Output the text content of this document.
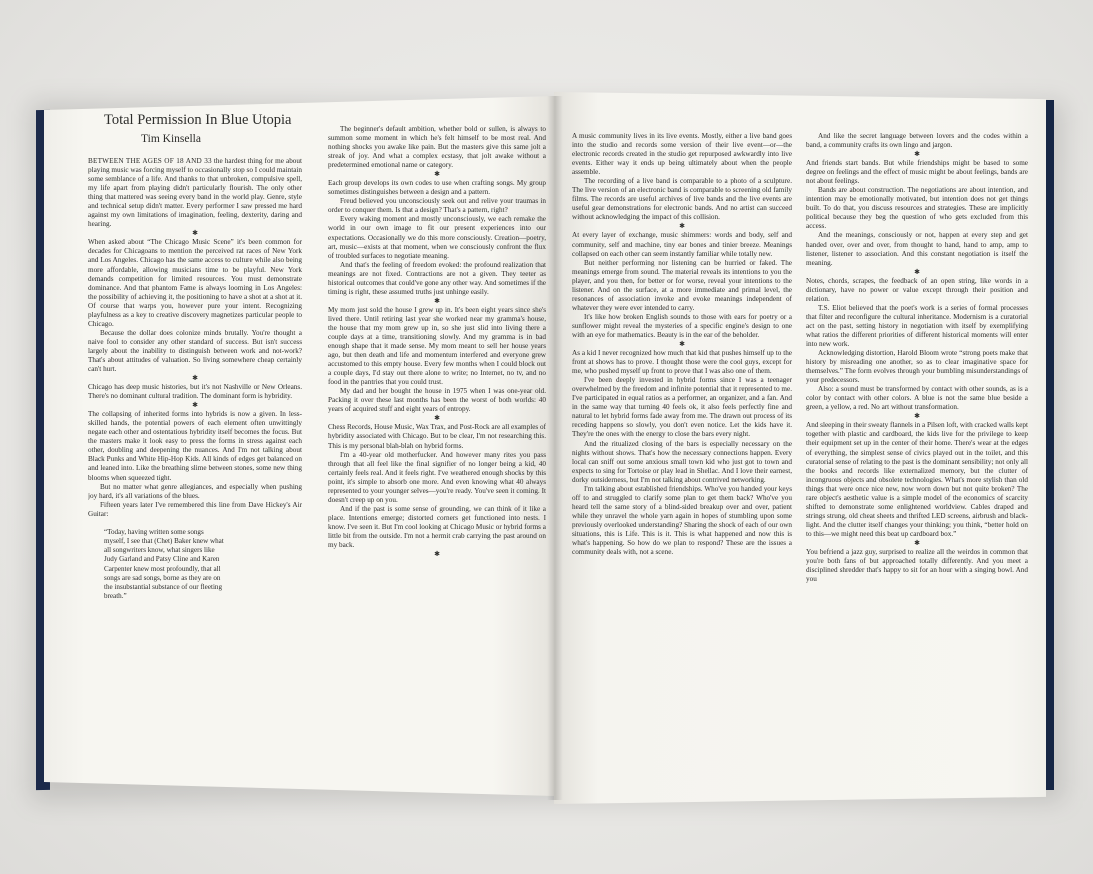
Total Permission In Blue Utopia
Tim Kinsella

BETWEEN THE AGES OF 18 AND 33 the hardest thing for me about playing music was forcing myself to occasionally stop so I could maintain some semblance of a life. And thanks to that unbroken, compulsive spell, my life apart from playing didn't particularly flourish. The only other thing that mattered was seeing every band in the world play. Genre, style and technical setup didn't matter. Every performer I saw pressed me hard against my own limitations of imagination, feeling, dexterity, daring and hearing.

✱

When asked about “The Chicago Music Scene” it's been common for decades for Chicagoans to mention the perceived rat races of New York and Los Angeles. Chicago has the same access to culture while also being more affordable, allowing musicians time to be playful. New York demands competition for limited resources. You must demonstrate dominance. And that phantom Fame is always looming in Los Angeles: the possibility of achieving it, the positioning to have a shot at a shot at it. Of course that warps you, however pure your intent. Recognizing playfulness as a key to creative discovery magnetizes particular people to Chicago.

Because the dollar does colonize minds brutally. You're thought a naive fool to consider any other standard of success. But isn't success largely about the inability to distinguish between work and not-work? That's about attitudes of valuation. So living somewhere cheap certainly can't hurt.

✱

Chicago has deep music histories, but it's not Nashville or New Orleans. There's no dominant cultural tradition. The dominant form is hybridity.

✱

The collapsing of inherited forms into hybrids is now a given. In less-skilled hands, the potential powers of each element often unwittingly negate each other and ostentatious hybridity itself becomes the focus. But the masters make it look easy to press the forms in stress against each other, doubling and deepening the nuances. And I'm not talking about Black Punks and White Hip-Hop Kids. All kinds of edges get balanced on and leaned into. Like the breathing slime between stones, some new thing blooms when squeezed tight.

But no matter what genre allegiances, and especially when pushing joy hard, it's all variations of the blues.

Fifteen years later I've remembered this line from Dave Hickey's Air Guitar:

“Today, having written some songs
myself, I see that (Chet) Baker knew what
all songwriters know, what singers like
Judy Garland and Patsy Cline and Karen
Carpenter knew most profoundly, that all
songs are sad songs, borne as they are on
the insubstantial substance of our fleeting
breath.”

The beginner's default ambition, whether bold or sullen, is always to summon some moment in which he's felt himself to be most real. And nothing shocks you awake like pain. But the masters give this same jolt a streak of joy. And what a complex ecstasy, that jolt awake without a predetermined emotional name or category.

✱

Each group develops its own codes to use when crafting songs. My group sometimes distinguishes between a design and a pattern.

Freud believed you unconsciously seek out and relive your traumas in order to conquer them. Is that a design? That's a pattern, right?

Every waking moment and mostly unconsciously, we each remake the world in our own image to fit our present experiences into our expectations. Occasionally we do this more consciously. Creation—poetry, art, music—exists at that moment, when we consciously confront the flux of troubled surfaces to negotiate meaning.

And that's the feeling of freedom evoked: the profound realization that meanings are not fixed. Contractions are not a given. They teeter as historical outcomes that could've gone any other way. And sometimes if the timing is right, these assumed truths just unhinge easily.

✱

My mom just sold the house I grew up in. It's been eight years since she's lived there. Until retiring last year she worked near my gramma's house, the house that my mom grew up in, so she just slid into living there a couple days at a time, transitioning slowly. And my gramma is in bad enough shape that it made sense. My mom meant to sell her house years ago, but then death and life and momentum interfered and everyone grew accustomed to this empty house. Every few months when I could block out a couple days, I'd stay out there alone to write; no Internet, no tv, and no food in the pantries that you could trust.

My dad and her bought the house in 1975 when I was one-year old. Packing it over these last months has been the worst of both worlds: 40 years of acquired stuff and eight years of entropy.

✱

Chess Records, House Music, Wax Trax, and Post-Rock are all examples of hybridity associated with Chicago. But to be clear, I'm not researching this. This is my personal blah-blah on hybrid forms.

I'm a 40-year old motherfucker. And however many rites you pass through that all feel like the final signifier of no longer being a kid, 40 certainly feels real. And it feels right. I've weathered enough shocks by this point, it's simple to absorb one more. And even knowing what 40 always represented to your younger selves—you're ready. You've seen it coming. It doesn't creep up on you.

And if the past is some sense of grounding, we can think of it like a place. Intentions emerge; distorted corners get functioned into nests. I know. I've seen it. But I'm cool looking at Chicago Music or hybrid forms a little bit from the outside. I'm not a hermit crab carrying the past around on my back.

✱

A music community lives in its live events. Mostly, either a live band goes into the studio and records some version of their live event—or—the electronic records created in the studio get repurposed awkwardly into live events. Either way it ends up being ultimately about when the people assemble.

The recording of a live band is comparable to a photo of a sculpture. The live version of an electronic band is comparable to screening old family films. The records are useful archives of live bands and the live events are useful gear demonstrations for electronic bands. And no artist can succeed without acknowledging the impact of this collision.

✱

At every layer of exchange, music shimmers: words and body, self and community, self and machine, tiny ear bones and tinier breeze. Meanings collapsed on each other can seem instantly familiar while totally new.

But neither performing nor listening can be hurried or faked. The meanings emerge from sound. The material reveals its intentions to you the player, and you then, for better or for worse, reveal your intentions to the listener. And on the surface, at a more immediate and primal level, the resonances of association invoke and evoke meanings independent of whatever they were ever intended to carry.

It's like how broken English sounds to those with ears for poetry or a sunflower might reveal the mysteries of a specific engine's design to one with an eye for mathematics. Beauty is in the ear of the beholder.

✱

As a kid I never recognized how much that kid that pushes himself up to the front at shows has to prove. I thought those were the cool guys, except for me, who pushed myself up front to prove that I was also one of them.

I've been deeply invested in hybrid forms since I was a teenager overwhelmed by the freedom and infinite potential that it represented to me. I've participated in equal ratios as a performer, an organizer, and a fan. And in the same way that turning 40 feels ok, it also feels perfectly fine and natural to let hybrid forms fade away from me. The drawn out process of its receding happens so slowly, you don't even notice. Let the kids have it. They're the ones with the energy to close the bars every night.

And the ritualized closing of the bars is especially necessary on the nights without shows. That's how the necessary connections happen. Every local can sniff out some anxious small town kid who just got to town and expects to sing for Tortoise or play lead in Shellac. And I love their earnest, dorky outsiderness, but I'm not talking about contrived networking.

I'm talking about established friendships. Who've you handed your keys off to and struggled to clarify some plan to get them back? Who've you heard tell the same story of a blind-sided breakup over and over, patient while they unravel the whole yarn again in hopes of stumbling upon some previously overlooked understanding? Sharing the shock of each of our own situations, this is Life. This is it. This is what happened and now this is what's happening. So how do we plan to respond? These are the issues a community deals with, not a scene.

And like the secret language between lovers and the codes within a band, a community crafts its own lingo and jargon.

✱

And friends start bands. But while friendships might be based to some degree on feelings and the effect of music might be about feelings, bands are not about feelings.

Bands are about construction. The negotiations are about intention, and intention may be emotionally motivated, but intention does not get things built. To do that, you discuss resources and strategies. These are implicitly political because they beg the question of who gets excluded from this access.

And the meanings, consciously or not, happen at every step and get handed over, over and over, from thought to hand, hand to amp, amp to listener, listener to association. And this constant negotiation is itself the meaning.

✱

Notes, chords, scrapes, the feedback of an open string, like words in a dictionary, have no power or value except through their position and relation.

T.S. Eliot believed that the poet's work is a series of formal processes that filter and reconfigure the cultural inheritance. Modernism is a curatorial act on the past, setting history in negotiation with itself by exemplifying what ratios the different priorities of different historical moments will enter into new work.

Acknowledging distortion, Harold Bloom wrote “strong poets make that history by misreading one another, so as to clear imaginative space for themselves.” The form evolves through your bumbling misunderstandings of your predecessors.

Also: a sound must be transformed by contact with other sounds, as is a color by contact with other colors. A blue is not the same blue beside a green, a yellow, a red. No art without transformation.

✱

And sleeping in their sweaty flannels in a Pilsen loft, with cracked walls kept together with plastic and cardboard, the kids live for the privilege to keep their equipment set up in the center of their home. There's wear at the edges of everything, the simplest sense of civics played out in the toilet, and this curatorial sense of relating to the past is the dominant sensibility; not only all the books and records like externalized memory, but the clutter of incongruous objects and obsolete technologies. What's more stylish than old things that were once nice new, now worn down but not quite broken? The rare object's aesthetic value is a simple model of the economics of scarcity shifted to demonstrate some enlightened worldview. Cables draped and strings strung, old cheat sheets and thrifted LED screens, airbrush and black-light. And the clutter itself changes your thinking; you think, “better hold on to this—we might need this beat up cardboard box.”

✱

You befriend a jazz guy, surprised to realize all the weirdos in common that you're both fans of but approached totally differently. And you meet a disciplined shredder that's happy to sit for an hour with a singing bowl. And you
